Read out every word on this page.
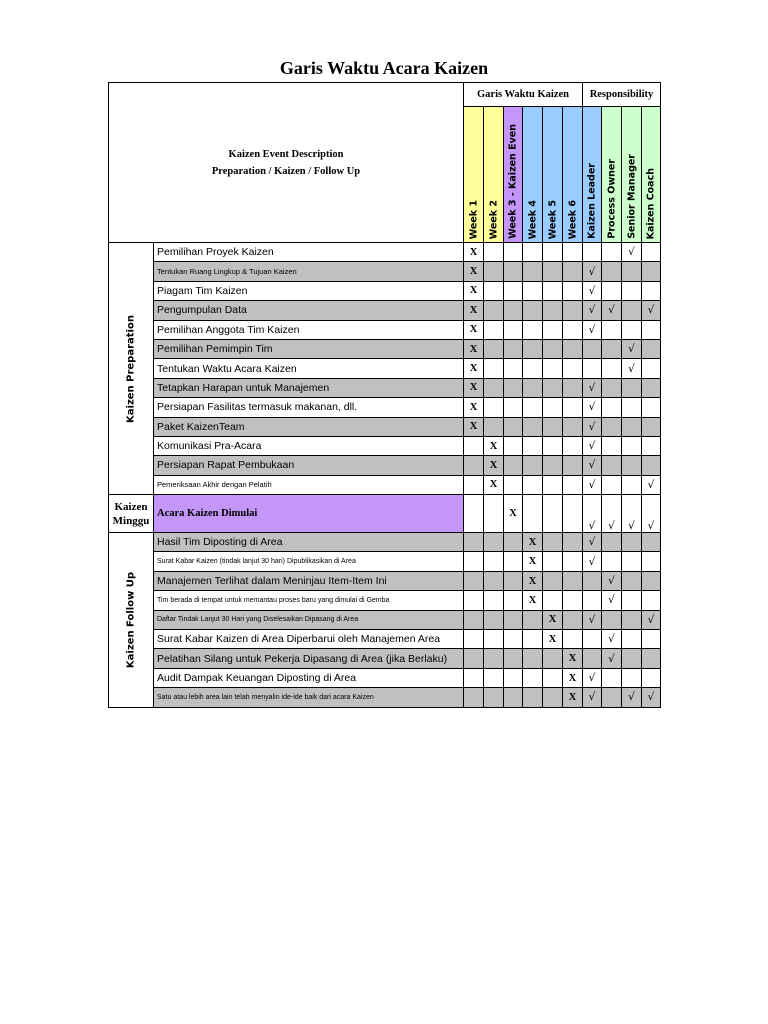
Garis Waktu Acara Kaizen
Kaizen Event Description
Preparation / Kaizen / Follow Up		Garis Waktu Kaizen						Responsibility			

		Week 1	Week 2	Week 3 - Kaizen Even	Week 4	Week 5	Week 6	Kaizen Leader	Process Owner	Senior Manager	Kaizen Coach

Kaizen Preparation	Pemilihan Proyek Kaizen	X								√	
	Tentukan Ruang Lingkup & Tujuan Kaizen	X						√			
	Piagam Tim Kaizen	X						√			
	Pengumpulan Data	X						√	√		√
	Pemilihan Anggota Tim Kaizen	X						√			
	Pemilihan Pemimpin Tim	X								√	
	Tentukan Waktu Acara Kaizen	X								√	
	Tetapkan Harapan untuk Manajemen	X						√			
	Persiapan Fasilitas termasuk makanan, dll.	X						√			
	Paket KaizenTeam	X						√			
	Komunikasi Pra-Acara		X					√			
	Persiapan Rapat Pembukaan		X					√			
	Pemeriksaan Akhir dengan Pelatih		X					√			√

Kaizen Minggu	Acara Kaizen Dimulai			X				√	√	√	√

Kaizen Follow Up	Hasil Tim Diposting di Area				X			√			
	Surat Kabar Kaizen (tindak lanjut 30 hari) Dipublikasikan di Area				X			√			
	Manajemen Terlihat dalam Meninjau Item-Item Ini				X				√		
	Tim berada di tempat untuk memantau proses baru yang dimulai di Gemba				X				√		
	Daftar Tindak Lanjut 30 Hari yang Diselesaikan Dipasang di Area					X		√			√
	Surat Kabar Kaizen di Area Diperbarui oleh Manajemen Area					X			√		
	Pelatihan Silang untuk Pekerja Dipasang di Area (jika Berlaku)						X		√		
	Audit Dampak Keuangan Diposting di Area						X	√			
	Satu atau lebih area lain telah menyalin ide-ide baik dari acara Kaizen						X	√		√	√
